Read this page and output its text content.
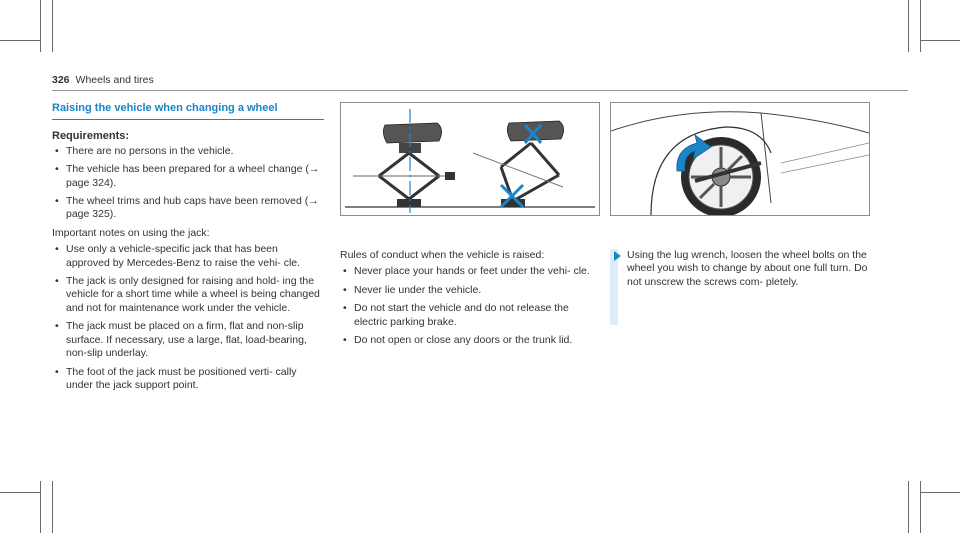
326 Wheels and tires
Raising the vehicle when changing a wheel
Requirements:
• There are no persons in the vehicle.
• The vehicle has been prepared for a wheel change (→ page 324).
• The wheel trims and hub caps have been removed (→ page 325).
Important notes on using the jack:
• Use only a vehicle-specific jack that has been approved by Mercedes-Benz to raise the vehi- cle.
• The jack is only designed for raising and hold- ing the vehicle for a short time while a wheel is being changed and not for maintenance work under the vehicle.
• The jack must be placed on a firm, flat and non-slip surface. If necessary, use a large, flat, load-bearing, non-slip underlay.
• The foot of the jack must be positioned verti- cally under the jack support point.
Rules of conduct when the vehicle is raised:
• Never place your hands or feet under the vehi- cle.
• Never lie under the vehicle.
• Do not start the vehicle and do not release the electric parking brake.
• Do not open or close any doors or the trunk lid.
Using the lug wrench, loosen the wheel bolts on the wheel you wish to change by about one full turn. Do not unscrew the screws com- pletely.
